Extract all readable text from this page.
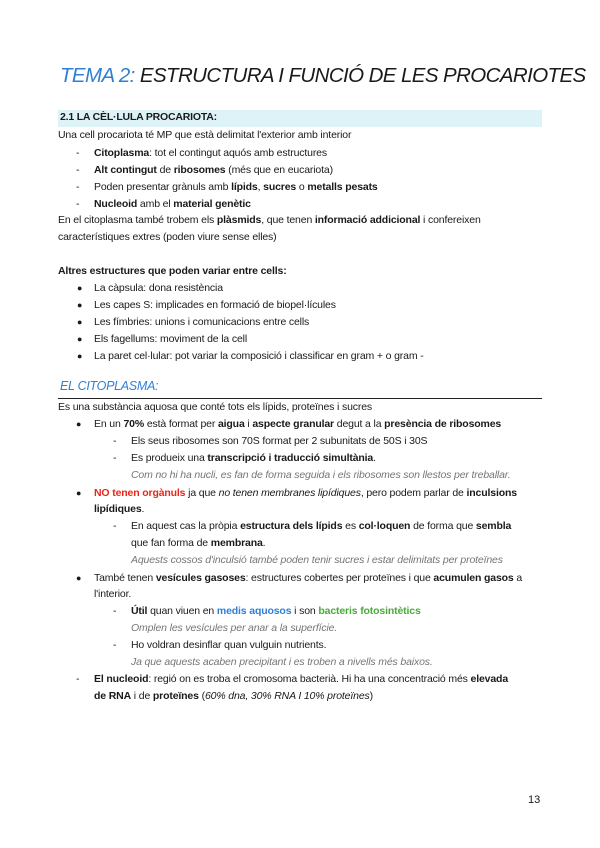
TEMA 2: ESTRUCTURA I FUNCIÓ DE LES PROCARIOTES
2.1 LA CÈL·LULA PROCARIOTA:
Una cell procariota té MP que està delimitat l'exterior amb interior
- Citoplasma: tot el contingut aquós amb estructures
- Alt contingut de ribosomes (més que en eucariota)
- Poden presentar grànuls amb lípids, sucres o metalls pesats
- Nucleoid amb el material genètic
En el citoplasma també trobem els plàsmids, que tenen informació addicional i confereixen
característiques extres (poden viure sense elles)
Altres estructures que poden variar entre cells:
● La càpsula: dona resistència
● Les capes S: implicades en formació de biopel·lícules
● Les fímbries: unions i comunicacions entre cells
● Els fagellums: moviment de la cell
● La paret cel·lular: pot variar la composició i classificar en gram + o gram -
EL CITOPLASMA:
Es una substància aquosa que conté tots els lípids, proteïnes i sucres
● En un 70% està format per aigua i aspecte granular degut a la presència de ribosomes
- Els seus ribosomes son 70S format per 2 subunitats de 50S i 30S
- Es produeix una transcripció i traducció simultània.
Com no hi ha nucli, es fan de forma seguida i els ribosomes son llestos per treballar.
● NO tenen orgànuls ja que no tenen membranes lipídiques, pero podem parlar de inculsions
lipídiques.
- En aquest cas la pròpia estructura dels lípids es col·loquen de forma que sembla
que fan forma de membrana.
Aquests cossos d'inculsió també poden tenir sucres i estar delimitats per proteïnes
● També tenen vesícules gasoses: estructures cobertes per proteïnes i que acumulen gasos a
l'interior.
- Útil quan viuen en medis aquosos i son bacteris fotosintètics
Omplen les vesícules per anar a la superfície.
- Ho voldran desinflar quan vulguin nutrients.
Ja que aquests acaben precipitant i es troben a nivells més baixos.
- El nucleoid: regió on es troba el cromosoma bacterià. Hi ha una concentració més elevada
de RNA i de proteïnes (60% dna, 30% RNA I 10% proteïnes)
13
